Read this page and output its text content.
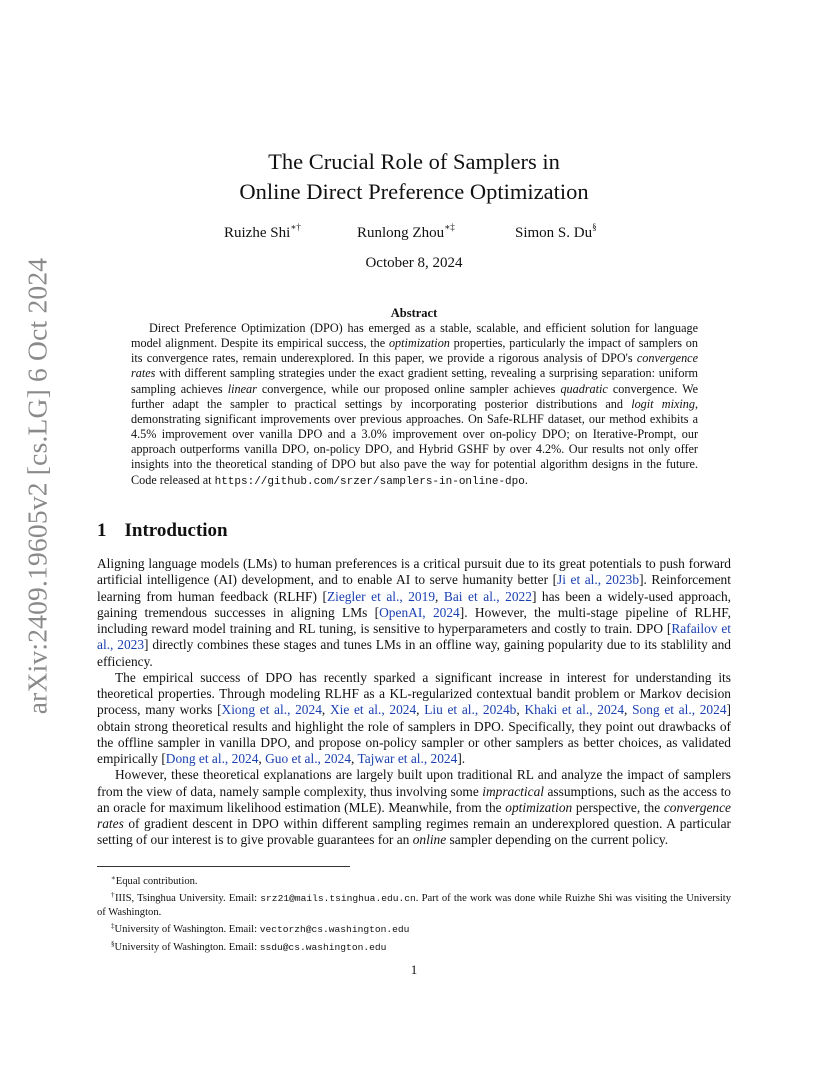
arXiv:2409.19605v2 [cs.LG] 6 Oct 2024
The Crucial Role of Samplers in
Online Direct Preference Optimization
Ruizhe Shi∗†	Runlong Zhou∗‡	Simon S. Du§
October 8, 2024
Abstract

Direct Preference Optimization (DPO) has emerged as a stable, scalable, and efficient solution for language model alignment. Despite its empirical success, the optimization properties, particularly the impact of samplers on its convergence rates, remain underexplored. In this paper, we provide a rigorous analysis of DPO's convergence rates with different sampling strategies under the exact gradient setting, revealing a surprising separation: uniform sampling achieves linear convergence, while our proposed online sampler achieves quadratic convergence. We further adapt the sampler to practical settings by incorporating posterior distributions and logit mixing, demonstrating significant improvements over previous approaches. On Safe-RLHF dataset, our method exhibits a 4.5% improvement over vanilla DPO and a 3.0% improvement over on-policy DPO; on Iterative-Prompt, our approach outperforms vanilla DPO, on-policy DPO, and Hybrid GSHF by over 4.2%. Our results not only offer insights into the theoretical standing of DPO but also pave the way for potential algorithm designs in the future. Code released at https://github.com/srzer/samplers-in-online-dpo.

1 Introduction

Aligning language models (LMs) to human preferences is a critical pursuit due to its great potentials to push forward artificial intelligence (AI) development, and to enable AI to serve humanity better [Ji et al., 2023b]. Reinforcement learning from human feedback (RLHF) [Ziegler et al., 2019, Bai et al., 2022] has been a widely-used approach, gaining tremendous successes in aligning LMs [OpenAI, 2024]. However, the multi-stage pipeline of RLHF, including reward model training and RL tuning, is sensitive to hyperparameters and costly to train. DPO [Rafailov et al., 2023] directly combines these stages and tunes LMs in an offline way, gaining popularity due to its stablility and efficiency.

The empirical success of DPO has recently sparked a significant increase in interest for understanding its theoretical properties. Through modeling RLHF as a KL-regularized contextual bandit problem or Markov decision process, many works [Xiong et al., 2024, Xie et al., 2024, Liu et al., 2024b, Khaki et al., 2024, Song et al., 2024] obtain strong theoretical results and highlight the role of samplers in DPO. Specifically, they point out drawbacks of the offline sampler in vanilla DPO, and propose on-policy sampler or other samplers as better choices, as validated empirically [Dong et al., 2024, Guo et al., 2024, Tajwar et al., 2024].

However, these theoretical explanations are largely built upon traditional RL and analyze the impact of samplers from the view of data, namely sample complexity, thus involving some impractical assumptions, such as the access to an oracle for maximum likelihood estimation (MLE). Meanwhile, from the optimization perspective, the convergence rates of gradient descent in DPO within different sampling regimes remain an underexplored question. A particular setting of our interest is to give provable guarantees for an online sampler depending on the current policy.

∗Equal contribution.

†IIIS, Tsinghua University. Email: srz21@mails.tsinghua.edu.cn. Part of the work was done while Ruizhe Shi was visiting the University of Washington.

‡University of Washington. Email: vectorzh@cs.washington.edu

§University of Washington. Email: ssdu@cs.washington.edu

1
